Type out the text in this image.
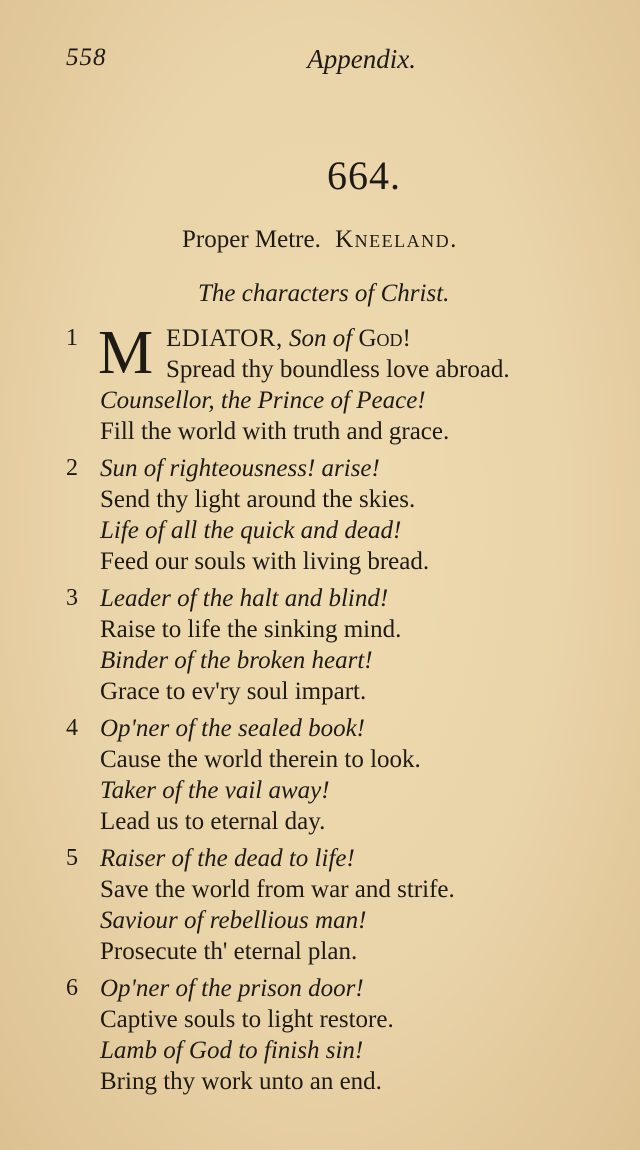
558	Appendix.
664.
Proper Metre. Kneeland.
The characters of Christ.
1 M EDIATOR, Son of God!
Spread thy boundless love abroad.
Counsellor, the Prince of Peace!
Fill the world with truth and grace.
2 Sun of righteousness! arise!
Send thy light around the skies.
Life of all the quick and dead!
Feed our souls with living bread.
3 Leader of the halt and blind!
Raise to life the sinking mind.
Binder of the broken heart!
Grace to ev'ry soul impart.
4 Op'ner of the sealed book!
Cause the world therein to look.
Taker of the vail away!
Lead us to eternal day.
5 Raiser of the dead to life!
Save the world from war and strife.
Saviour of rebellious man!
Prosecute th' eternal plan.
6 Op'ner of the prison door!
Captive souls to light restore.
Lamb of God to finish sin!
Bring thy work unto an end.
